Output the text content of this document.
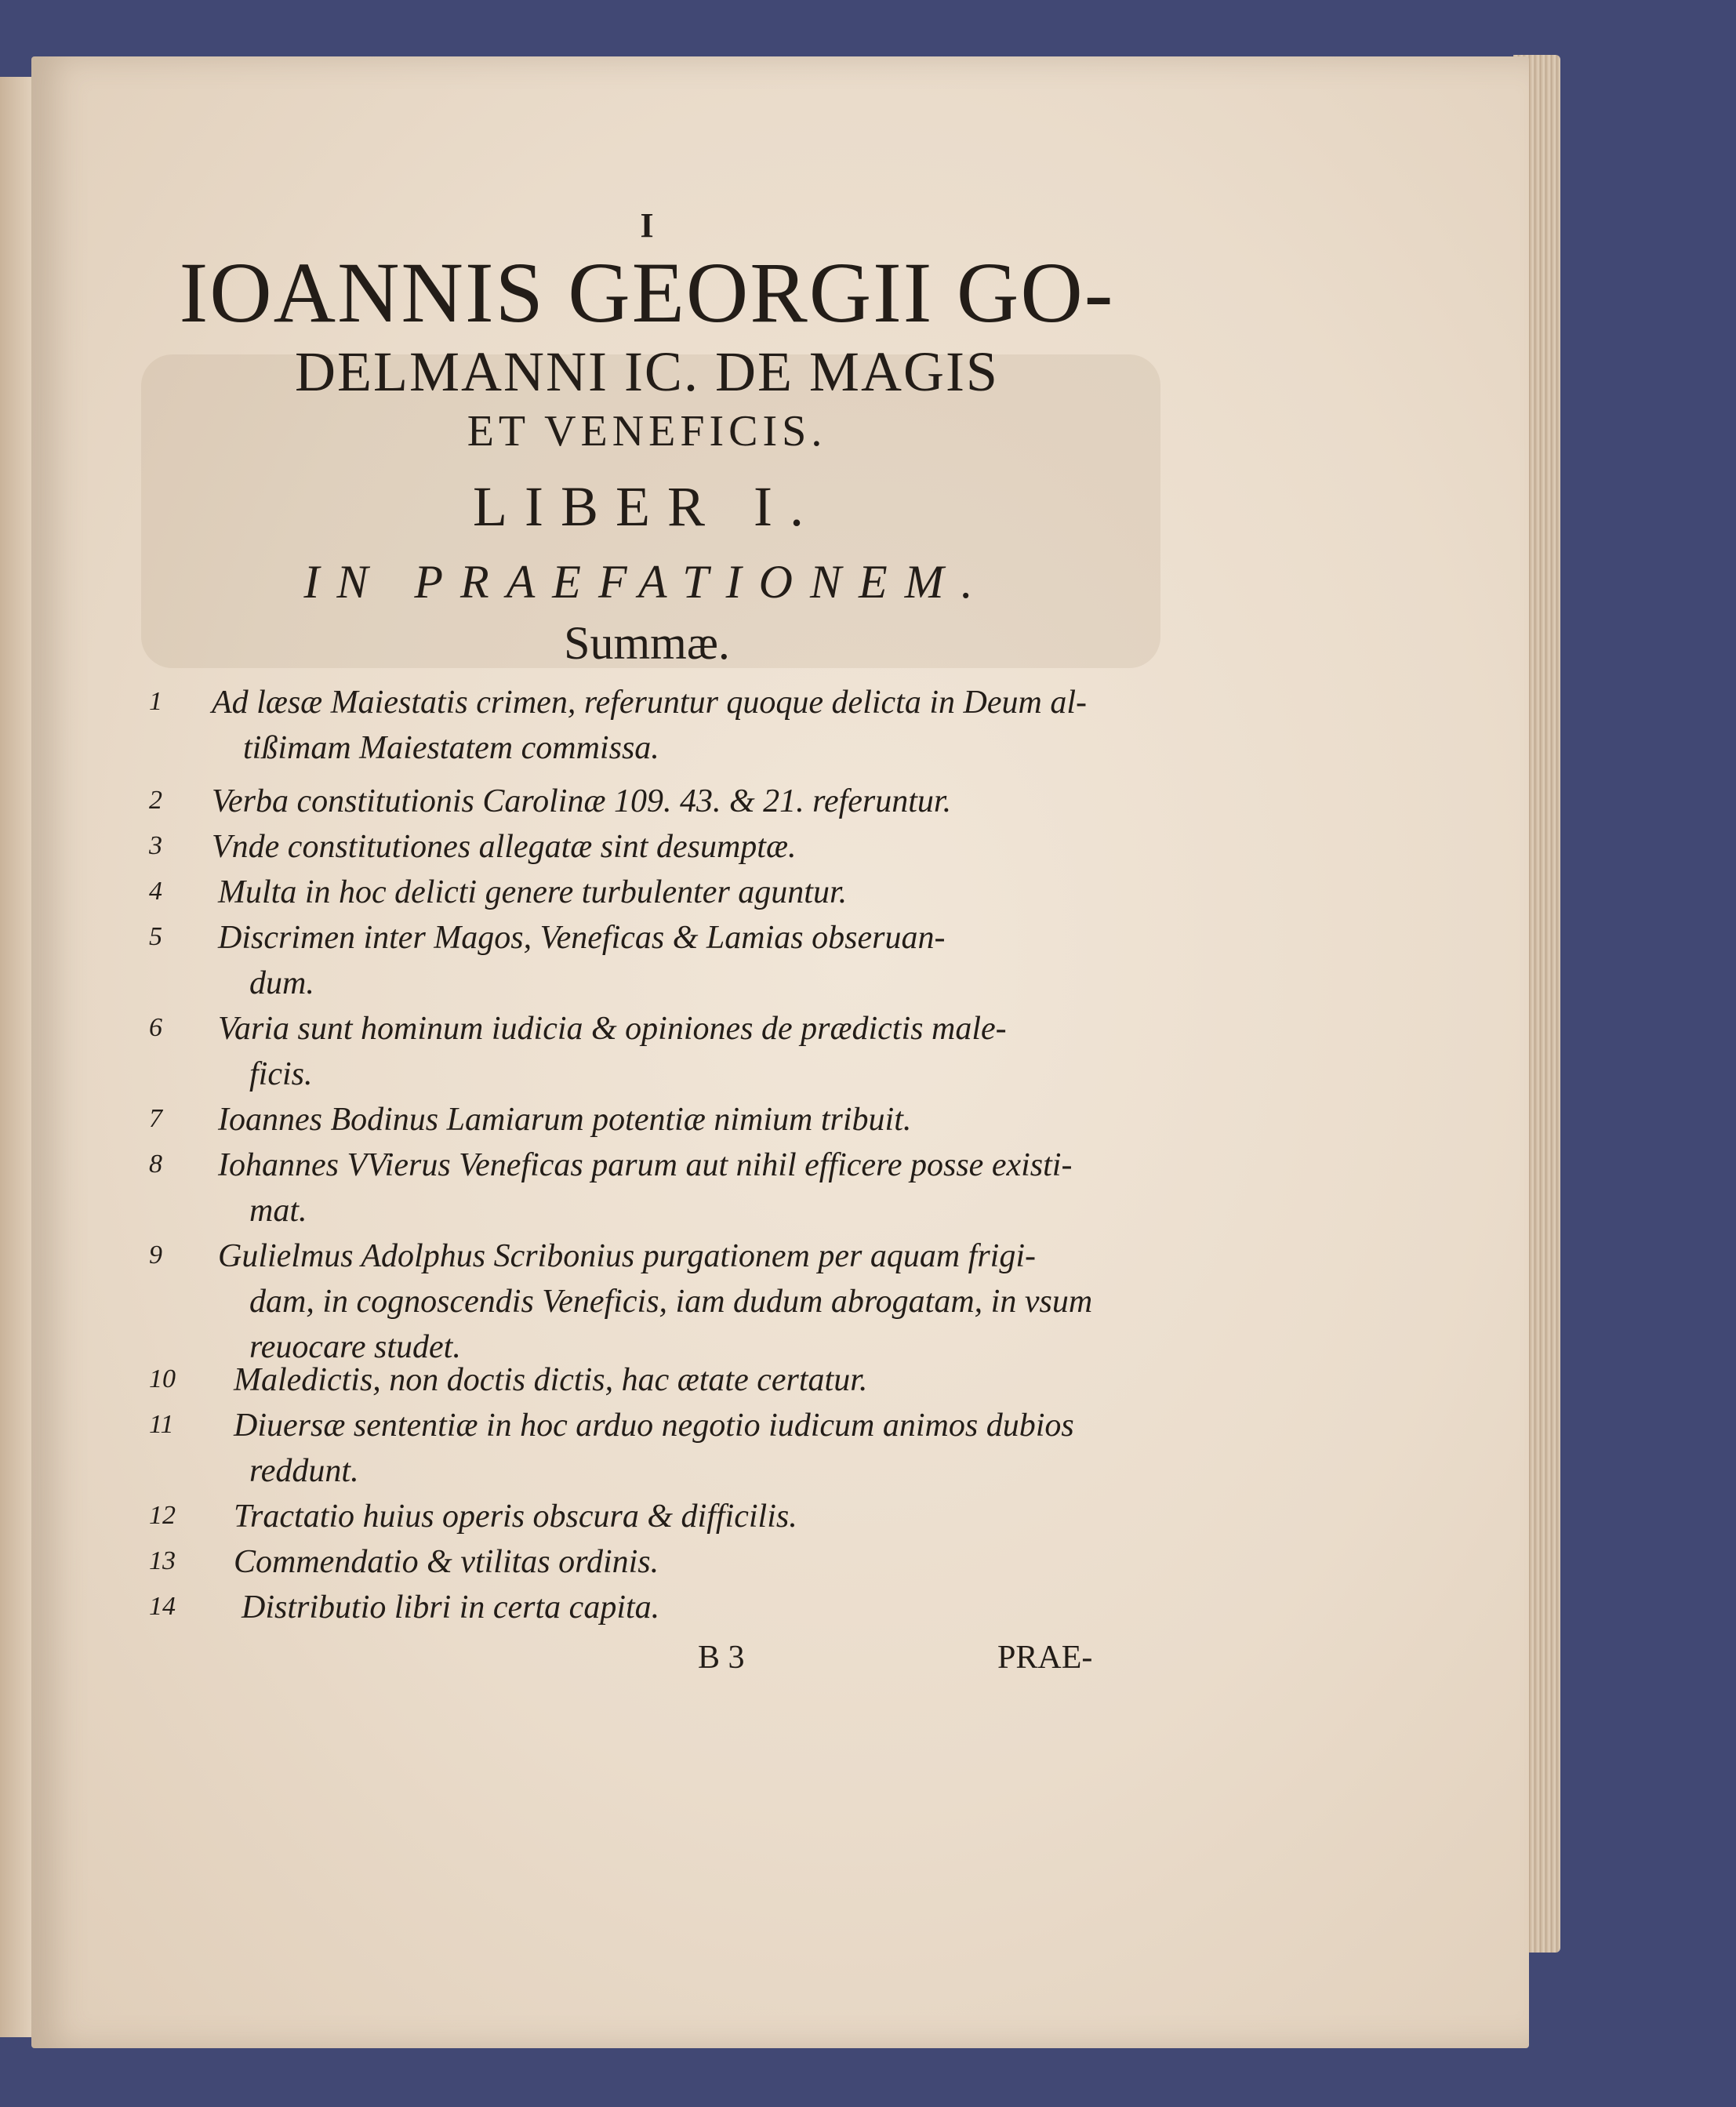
I
IOANNIS GEORGII GO-
DELMANNI IC. DE MAGIS
ET VENEFICIS.
LIBER I.
IN PRAEFATIONEM.
Summæ.
1	Ad læsæ Maiestatis crimen, referuntur quoque delicta in Deum al-
tißimam Maiestatem commissa.
2	Verba constitutionis Carolinæ 109. 43. & 21. referuntur.
3	Vnde constitutiones allegatæ sint desumptæ.
4	Multa in hoc delicti genere turbulenter aguntur.
5	Discrimen inter Magos, Veneficas & Lamias obseruan-
dum.
6	Varia sunt hominum iudicia & opiniones de prædictis male-
ficis.
7	Ioannes Bodinus Lamiarum potentiæ nimium tribuit.
8	Iohannes VVierus Veneficas parum aut nihil efficere posse existi-
mat.
9	Gulielmus Adolphus Scribonius purgationem per aquam frigi-
dam, in cognoscendis Veneficis, iam dudum abrogatam, in vsum
reuocare studet.
10	Maledictis, non doctis dictis, hac ætate certatur.
11	Diuersæ sententiæ in hoc arduo negotio iudicum animos dubios
reddunt.
12	Tractatio huius operis obscura & difficilis.
13	Commendatio & vtilitas ordinis.
14	Distributio libri in certa capita.
B 3	PRAE-
